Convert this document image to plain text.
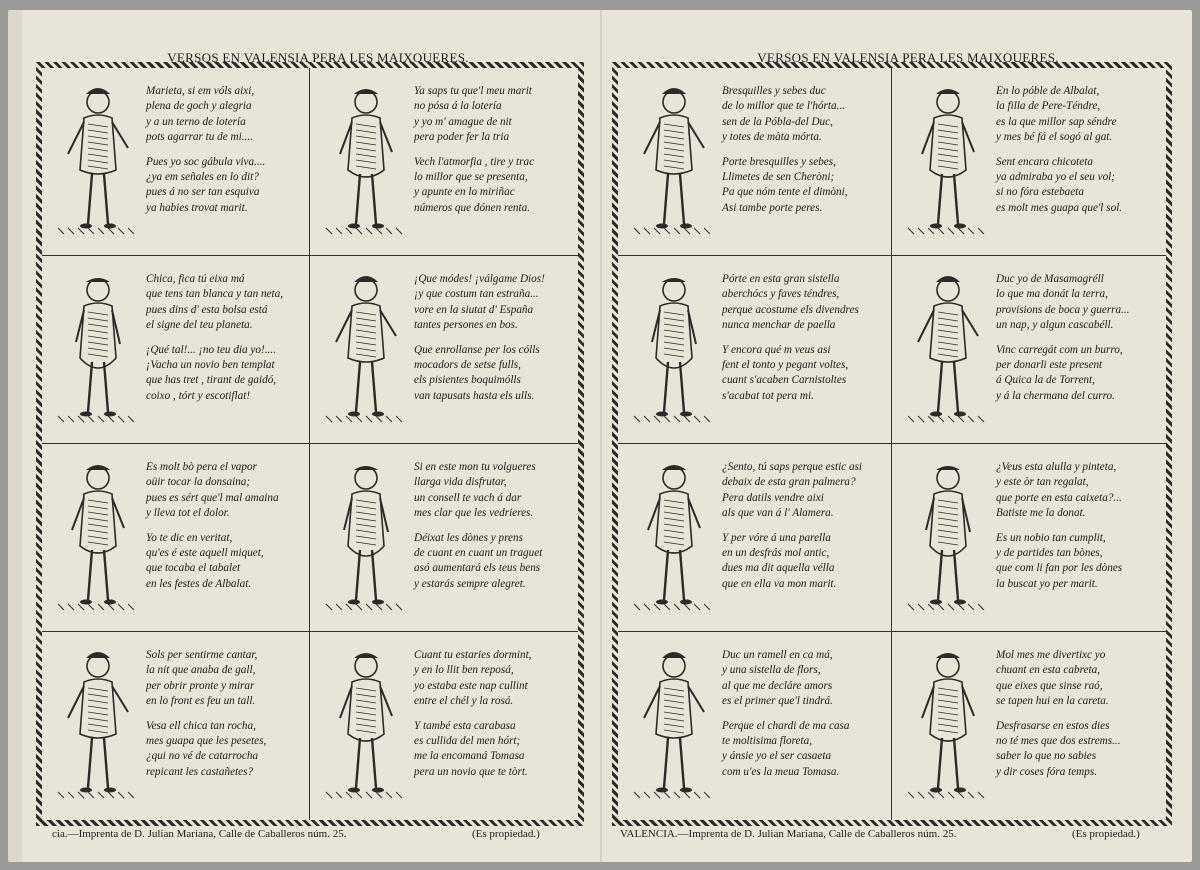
VERSOS EN VALENSIA PERA LES MAIXQUERES.

Marieta, si em vóls aixi,
plena de goch y alegria
y a un terno de lotería
pots agarrar tu de mi....

Pues yo soc gábula viva....
¿ya em señales en lo dit?
pues á no ser tan esquiva
ya habies trovat marit.

Ya saps tu que'l meu marit
no pósa á la lotería
y yo m' amague de nit
pera poder fer la tria

Vech l'atmorfia , tire y trac
lo millor que se presenta,
y apunte en lo miriñac
números que dónen renta.

Chica, fica tú eixa má
que tens tan blanca y tan neta,
pues dins d' esta bolsa está
el signe del teu planeta.

¡Qué tal!... ¡no teu dia yo!....
¡Vacha un novio ben templat
que has tret , tirant de gaidó,
coixo , tórt y escotiflat!

¡Que módes! ¡válgame Dios!
¡y que costum tan estraña...
vore en la siutat d' España
tantes persones en bos.

Que enrollanse per los cólls
mocadors de setse fulls,
els pisientes boquimólls
van tapusats hasta els ulls.

Es molt bò pera el vapor
oüir tocar la donsaina;
pues es sért que'l mal amaina
y lleva tot el dolor.

Yo te dic en veritat,
qu'es é este aquell miquet,
que tocaba el tabalet
en les festes de Albalat.

Si en este mon tu volgueres
llarga vida disfrutar,
un consell te vach á dar
mes clar que les vedrieres.

Déixat les dònes y prens
de cuant en cuant un traguet
asó aumentará els teus bens
y estarás sempre alegret.

Sols per sentirme cantar,
la nit que anaba de gall,
per obrir pronte y mirar
en lo front es feu un tall.

Vesa ell chica tan rocha,
mes guapa que les pesetes,
¿qui no vé de catarrocha
repicant les castañetes?

Cuant tu estaries dormint,
y en lo llit ben reposá,
yo estaba este nap cullint
entre el chél y la rosá.

Y també esta carabasa
es cullida del men hórt;
me la encomaná Tomasa
pera un novio que te tòrt.

cia.—Imprenta de D. Julian Mariana, Calle de Caballeros núm. 25.	(Es propiedad.)
VERSOS EN VALENSIA PERA LES MAIXQUERES.

Bresquilles y sebes duc
de lo millor que te l'hórta...
sen de la Póbla-del Duc,
y totes de màta mórta.

Porte bresquilles y sebes,
Llimetes de sen Cheròni;
Pa que nóm tente el dimòni,
Asi tambe porte peres.

En lo póble de Albalat,
la filla de Pere-Téndre,
es la que millor sap séndre
y mes bé fá el sogó al gat.

Sent encara chicoteta
ya admiraba yo el seu vol;
si no fóra estebaeta
es molt mes guapa que'l sol.

Pórte en esta gran sistella
aberchócs y faves téndres,
perque acostume els divendres
nunca menchar de paella

Y encora qué m veus asi
fent el tonto y pegant voltes,
cuant s'acaben Carnistoltes
s'acabat tot pera mi.

Duc yo de Masamagréll
lo que ma donát la terra,
provisions de boca y guerra...
un nap, y algun cascabéll.

Vinc carregát com un burro,
per donarli este present
á Quica la de Torrent,
y á la chermana del curro.

¿Sento, tú saps perque estic asi
debaix de esta gran palmera?
Pera datils vendre aixi
als que van á l' Alamera.

Y per vóre á una parella
en un desfrás mol antic,
dues ma dit aquella vélla
que en ella va mon marit.

¿Veus esta alulla y pinteta,
y este òr tan regalat,
que porte en esta caixeta?...
Batiste me la donat.

Es un nobio tan cumplit,
y de partides tan bònes,
que com li fan por les dònes
la buscat yo per marit.

Duc un ramell en ca má,
y una sistella de flors,
al que me decláre amors
es el primer que'l tindrá.

Perque el chardi de ma casa
te moltisima floreta,
y ánsie yo el ser casaeta
com u'es la meua Tomasa.

Mol mes me divertixc yo
chuant en esta cabreta,
que eixes que sinse raó,
se tapen hui en la careta.

Desfrasarse en estos dies
no té mes que dos estrems...
saber lo que no sabies
y dir coses fóra temps.

VALENCIA.—Imprenta de D. Julian Mariana, Calle de Caballeros núm. 25.	(Es propiedad.)
